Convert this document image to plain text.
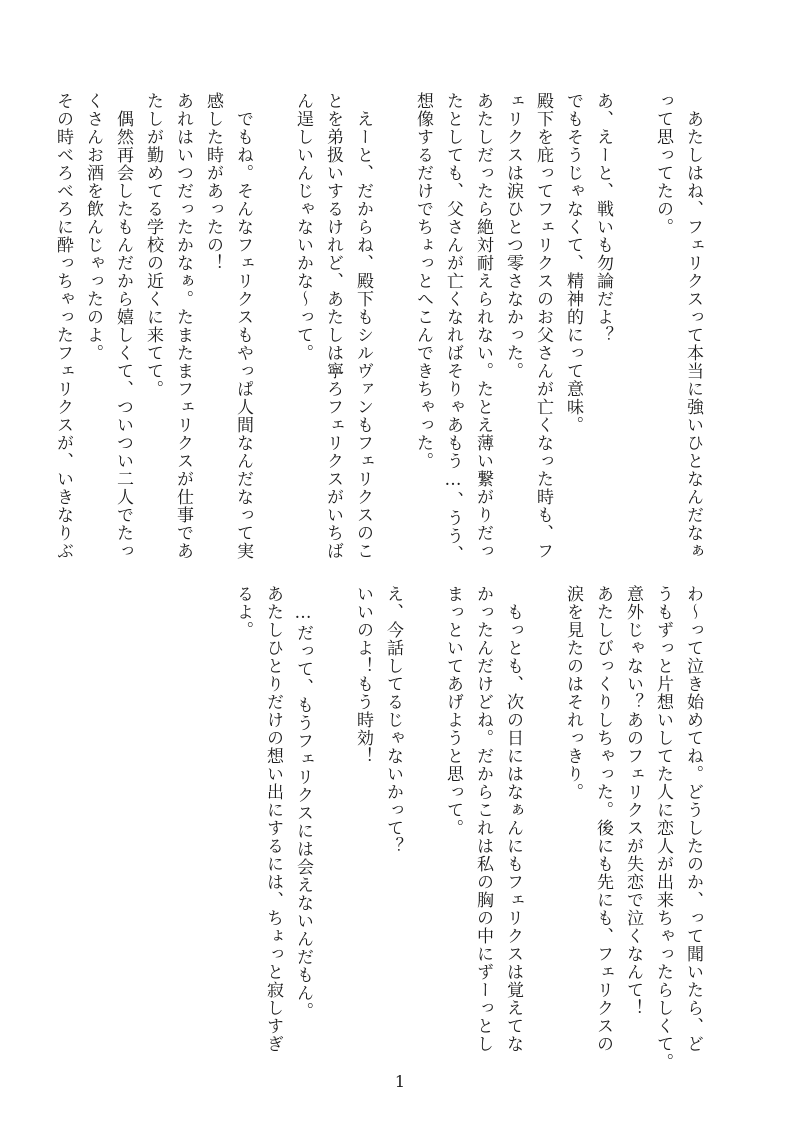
　あたしはね、フェリクスって本当に強いひとなんだなぁ
って思ってたの。

あ、えーと、戦いも勿論だよ？
でもそうじゃなくて、精神的にって意味。
殿下を庇ってフェリクスのお父さんが亡くなった時も、フ
ェリクスは涙ひとつ零さなかった。
あたしだったら絶対耐えられない。たとえ薄い繋がりだっ
たとしても、父さんが亡くなればそりゃあもう…、うう、
想像するだけでちょっとへこんできちゃった。

　えーと、だからね、殿下もシルヴァンもフェリクスのこ
とを弟扱いするけれど、あたしは寧ろフェリクスがいちば
ん逞しいんじゃないかな〜って。

　でもね。そんなフェリクスもやっぱ人間なんだなって実
感した時があったの！
あれはいつだったかなぁ。たまたまフェリクスが仕事であ
たしが勤めてる学校の近くに来てて。
　偶然再会したもんだから嬉しくて、ついつい二人でたっ
くさんお酒を飲んじゃったのよ。
その時べろべろに酔っちゃったフェリクスが、いきなりぶ
わ〜って泣き始めてね。どうしたのか、って聞いたら、ど
うもずっと片想いしてた人に恋人が出来ちゃったらしくて。
意外じゃない？あのフェリクスが失恋で泣くなんて！
あたしびっくりしちゃった。後にも先にも、フェリクスの
涙を見たのはそれっきり。

　もっとも、次の日にはなぁんにもフェリクスは覚えてな
かったんだけどね。だからこれは私の胸の中にずーっとし
まっといてあげようと思って。

え、今話してるじゃないかって？
いいのよ！もう時効！

　…だって、もうフェリクスには会えないんだもん。
あたしひとりだけの想い出にするには、ちょっと寂しすぎ
るよ。
1
